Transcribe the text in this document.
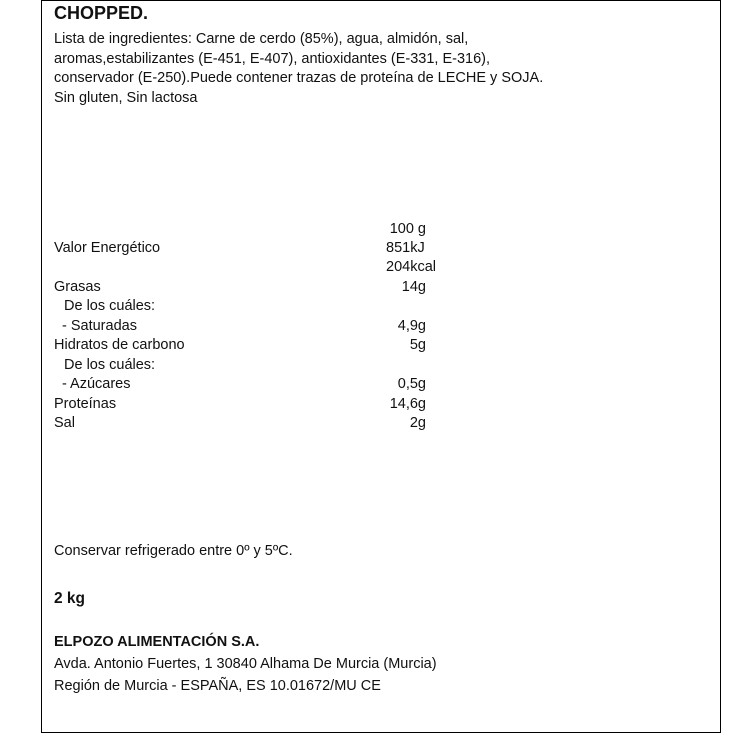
CHOPPED.
Lista de ingredientes: Carne de cerdo (85%), agua, almidón, sal,
aromas,estabilizantes (E-451, E-407), antioxidantes (E-331, E-316),
conservador (E-250).Puede contener trazas de proteína de LECHE y SOJA.
Sin gluten, Sin lactosa
100 g
Valor Energético	851kJ
204kcal
Grasas	14g
De los cuáles:
- Saturadas	4,9g
Hidratos de carbono	5g
De los cuáles:
- Azúcares	0,5g
Proteínas	14,6g
Sal	2g
Conservar refrigerado entre 0º y 5ºC.
2 kg
ELPOZO ALIMENTACIÓN S.A.
Avda. Antonio Fuertes, 1 30840 Alhama De Murcia (Murcia)
Región de Murcia - ESPAÑA, ES 10.01672/MU CE
